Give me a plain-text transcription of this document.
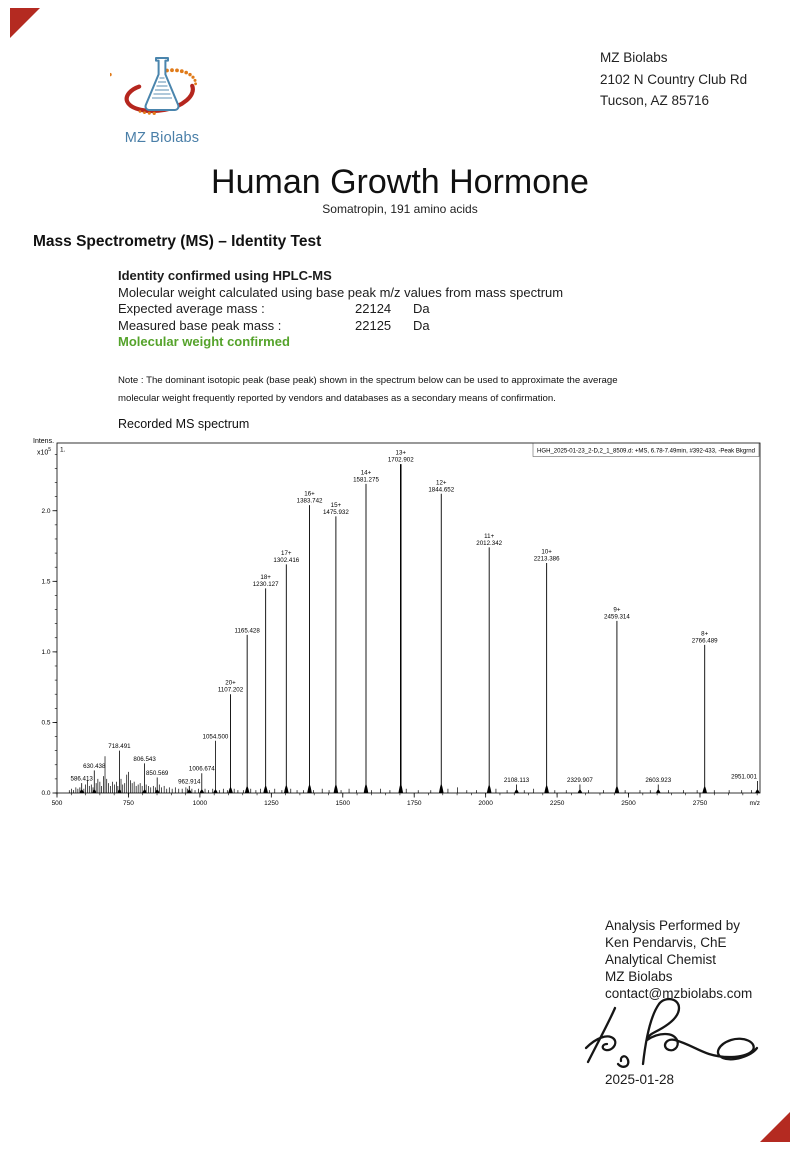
MZ Biolabs
MZ Biolabs
2102 N Country Club Rd
Tucson, AZ 85716
Human Growth Hormone
Somatropin, 191 amino acids
Mass Spectrometry (MS) – Identity Test
Identity confirmed using HPLC-MS
Molecular weight calculated using base peak m/z values from mass spectrum
Expected average mass :	22124 Da
Measured base peak mass :	22125 Da
Molecular weight confirmed
Note : The dominant isotopic peak (base peak) shown in the spectrum below can be used to approximate the average
molecular weight frequently reported by vendors and databases as a secondary means of confirmation.
Recorded MS spectrum
Intens.
$x10^5$
0.0
0.5
1.0
1.5
2.0
500	750	1000	1250	1500	1750	2000	2250	2500	2750	m/z
HGH_2025-01-23_2-D,2_1_8509.d: +MS, 6.78-7.49min, #392-433, -Peak Bkgrnd
1.
586.413
630.438
718.491
806.543
850.569
962.914
1006.674
1054.500
2108.113	2329.907	2603.923
2951.001
20+
1107.202
1165.428
18+
1230.127
17+
1302.416
16+
1383.742
15+
1475.932
14+
1581.275
13+
1702.902
12+
1844.652
11+
2012.342
10+
2213.386
9+
2459.314
8+
2766.489
Analysis Performed by
Ken Pendarvis, ChE
Analytical Chemist
MZ Biolabs
contact@mzbiolabs.com
2025-01-28
